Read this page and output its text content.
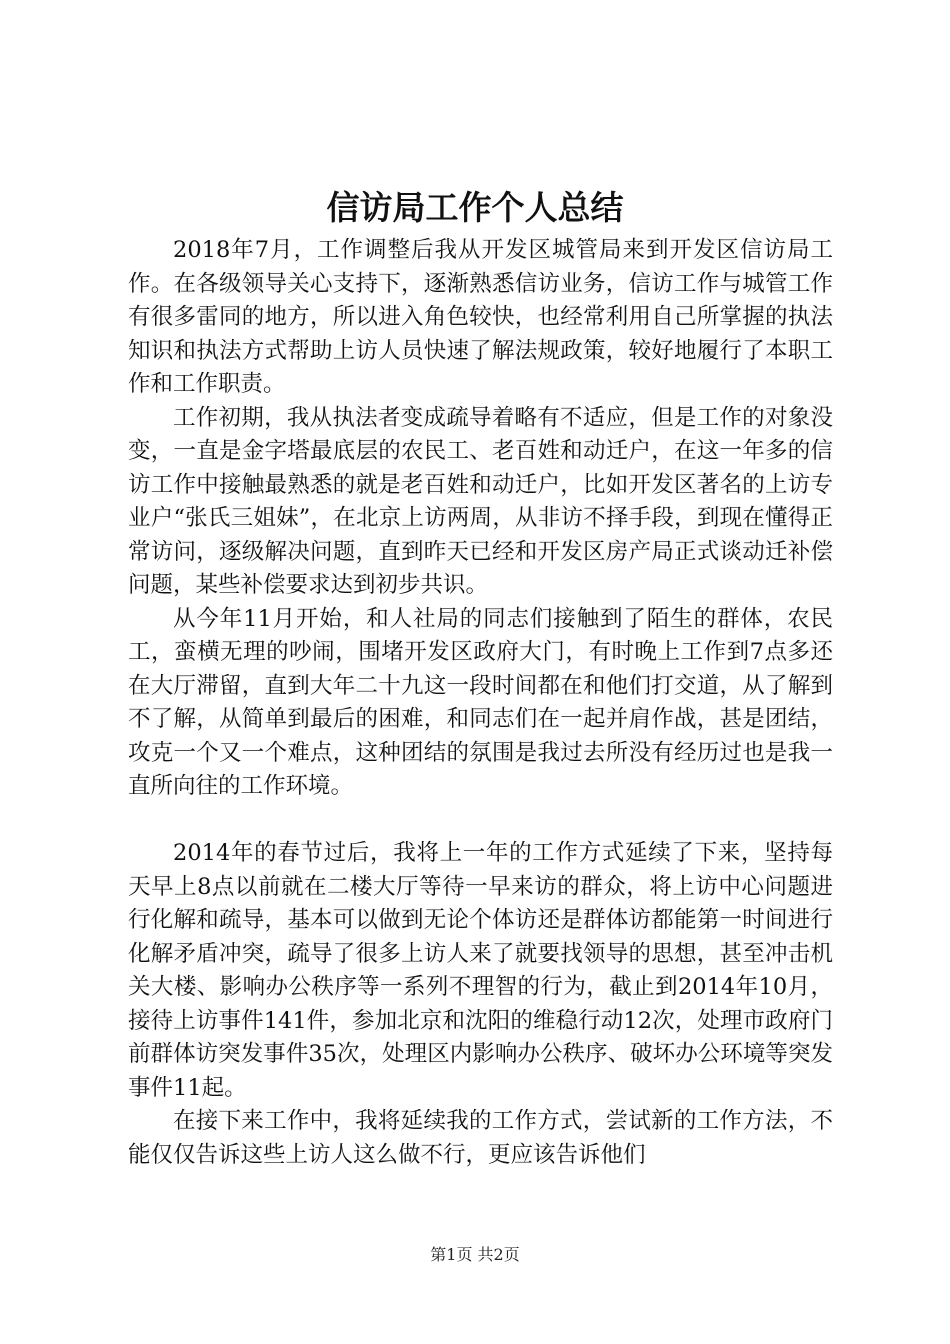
信访局工作个人总结

2018年7月，工作调整后我从开发区城管局来到开发区信访局工作。在各级领导关心支持下，逐渐熟悉信访业务，信访工作与城管工作有很多雷同的地方，所以进入角色较快，也经常利用自己所掌握的执法知识和执法方式帮助上访人员快速了解法规政策，较好地履行了本职工作和工作职责。

工作初期，我从执法者变成疏导着略有不适应，但是工作的对象没变，一直是金字塔最底层的农民工、老百姓和动迁户，在这一年多的信访工作中接触最熟悉的就是老百姓和动迁户，比如开发区著名的上访专业户“张氏三姐妹”，在北京上访两周，从非访不择手段，到现在懂得正常访问，逐级解决问题，直到昨天已经和开发区房产局正式谈动迁补偿问题，某些补偿要求达到初步共识。

从今年11月开始，和人社局的同志们接触到了陌生的群体，农民工，蛮横无理的吵闹，围堵开发区政府大门，有时晚上工作到7点多还在大厅滞留，直到大年二十九这一段时间都在和他们打交道，从了解到不了解，从简单到最后的困难，和同志们在一起并肩作战，甚是团结，攻克一个又一个难点，这种团结的氛围是我过去所没有经历过也是我一直所向往的工作环境。

2014年的春节过后，我将上一年的工作方式延续了下来，坚持每天早上8点以前就在二楼大厅等待一早来访的群众，将上访中心问题进行化解和疏导，基本可以做到无论个体访还是群体访都能第一时间进行化解矛盾冲突，疏导了很多上访人来了就要找领导的思想，甚至冲击机关大楼、影响办公秩序等一系列不理智的行为，截止到2014年10月，接待上访事件141件，参加北京和沈阳的维稳行动12次，处理市政府门前群体访突发事件35次，处理区内影响办公秩序、破坏办公环境等突发事件11起。

在接下来工作中，我将延续我的工作方式，尝试新的工作方法，不能仅仅告诉这些上访人这么做不行，更应该告诉他们

第1页 共2页
